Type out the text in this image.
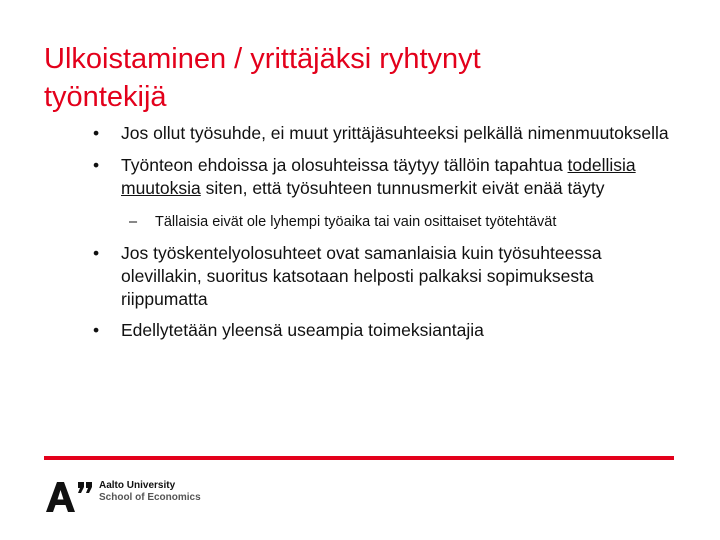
Ulkoistaminen / yrittäjäksi ryhtynyt
työntekijä
• Jos ollut työsuhde, ei muut yrittäjäsuhteeksi pelkällä nimenmuutoksella
• Työnteon ehdoissa ja olosuhteissa täytyy tällöin tapahtua todellisia muutoksia siten, että työsuhteen tunnusmerkit eivät enää täyty
– Tällaisia eivät ole lyhempi työaika tai vain osittaiset työtehtävät
• Jos työskentelyolosuhteet ovat samanlaisia kuin työsuhteessa olevillakin, suoritus katsotaan helposti palkaksi sopimuksesta riippumatta
• Edellytetään yleensä useampia toimeksiantajia
Aalto University
School of Economics
